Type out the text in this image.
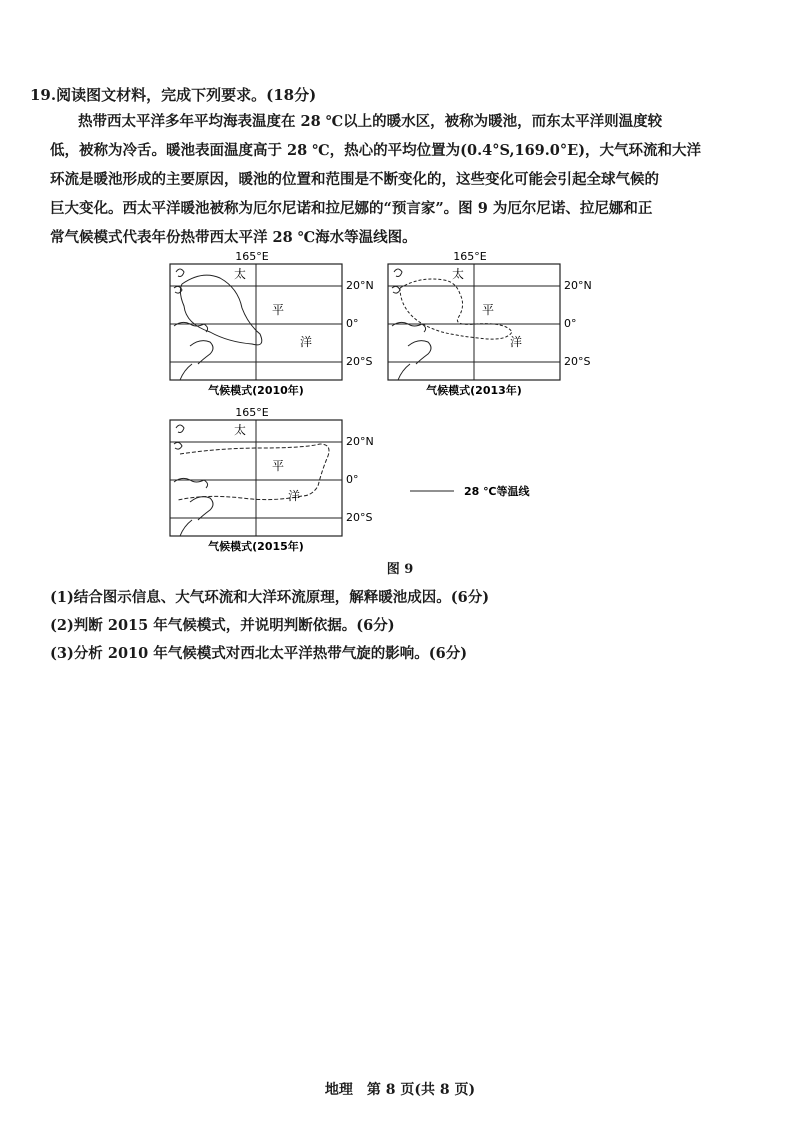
19.阅读图文材料，完成下列要求。(18分)
热带西太平洋多年平均海表温度在 28 ℃以上的暖水区，被称为暖池，而东太平洋则温度较
低，被称为冷舌。暖池表面温度高于 28 ℃，热心的平均位置为(0.4°S,169.0°E)，大气环流和大洋
环流是暖池形成的主要原因，暖池的位置和范围是不断变化的，这些变化可能会引起全球气候的
巨大变化。西太平洋暖池被称为厄尔尼诺和拉尼娜的“预言家”。图 9 为厄尔尼诺、拉尼娜和正
常气候模式代表年份热带西太平洋 28 ℃海水等温线图。
165°E
太
平
洋
20°N
0°
20°S
气候模式(2010年)
165°E
太
平
洋
20°N
0°
20°S
气候模式(2013年)
165°E
太
平
洋
20°N
0°
20°S
气候模式(2015年)
28 ℃等温线
图 9
(1)结合图示信息、大气环流和大洋环流原理，解释暖池成因。(6分)
(2)判断 2015 年气候模式，并说明判断依据。(6分)
(3)分析 2010 年气候模式对西北太平洋热带气旋的影响。(6分)
地理　第 8 页(共 8 页)
